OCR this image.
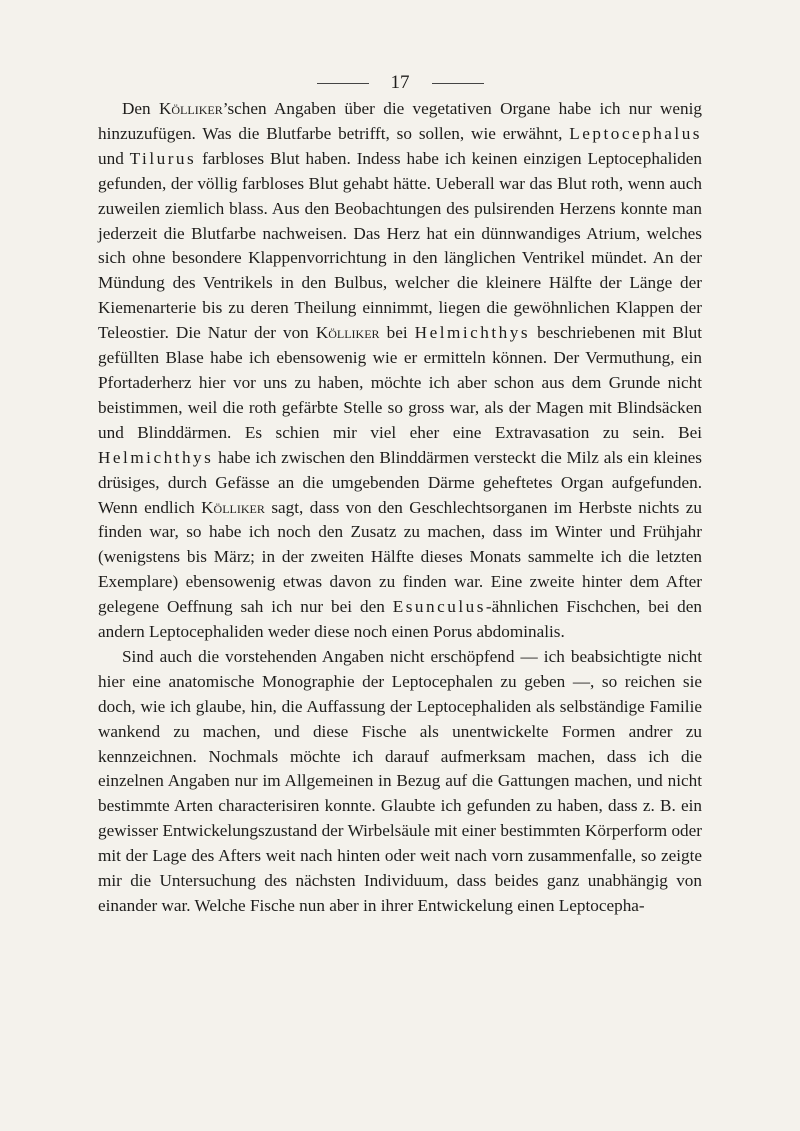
17

Den Kölliker’schen Angaben über die vegetativen Organe habe ich nur wenig hinzuzufügen. Was die Blutfarbe betrifft, so sollen, wie erwähnt, Leptocephalus und Tilurus farbloses Blut haben. Indess habe ich keinen einzigen Leptocephaliden gefunden, der völlig farbloses Blut gehabt hätte. Ueberall war das Blut roth, wenn auch zuweilen ziemlich blass. Aus den Beobachtungen des pulsirenden Herzens konnte man jederzeit die Blutfarbe nachweisen. Das Herz hat ein dünnwandiges Atrium, welches sich ohne besondere Klappenvorrichtung in den länglichen Ventrikel mündet. An der Mündung des Ventrikels in den Bulbus, welcher die kleinere Hälfte der Länge der Kiemenarterie bis zu deren Theilung einnimmt, liegen die gewöhnlichen Klappen der Teleostier. Die Natur der von Kölliker bei Helmichthys beschriebenen mit Blut gefüllten Blase habe ich ebensowenig wie er ermitteln können. Der Vermuthung, ein Pfortaderherz hier vor uns zu haben, möchte ich aber schon aus dem Grunde nicht beistimmen, weil die roth gefärbte Stelle so gross war, als der Magen mit Blindsäcken und Blinddärmen. Es schien mir viel eher eine Extravasation zu sein. Bei Helmichthys habe ich zwischen den Blinddärmen versteckt die Milz als ein kleines drüsiges, durch Gefässe an die umgebenden Därme geheftetes Organ aufgefunden. Wenn endlich Kölliker sagt, dass von den Geschlechtsorganen im Herbste nichts zu finden war, so habe ich noch den Zusatz zu machen, dass im Winter und Frühjahr (wenigstens bis März; in der zweiten Hälfte dieses Monats sammelte ich die letzten Exemplare) ebensowenig etwas davon zu finden war. Eine zweite hinter dem After gelegene Oeffnung sah ich nur bei den Esunculus-ähnlichen Fischchen, bei den andern Leptocephaliden weder diese noch einen Porus abdominalis.

Sind auch die vorstehenden Angaben nicht erschöpfend — ich beabsichtigte nicht hier eine anatomische Monographie der Leptocephalen zu geben —, so reichen sie doch, wie ich glaube, hin, die Auffassung der Leptocephaliden als selbständige Familie wankend zu machen, und diese Fische als unentwickelte Formen andrer zu kennzeichnen. Nochmals möchte ich darauf aufmerksam machen, dass ich die einzelnen Angaben nur im Allgemeinen in Bezug auf die Gattungen machen, und nicht bestimmte Arten characterisiren konnte. Glaubte ich gefunden zu haben, dass z. B. ein gewisser Entwickelungszustand der Wirbelsäule mit einer bestimmten Körperform oder mit der Lage des Afters weit nach hinten oder weit nach vorn zusammenfalle, so zeigte mir die Untersuchung des nächsten Individuum, dass beides ganz unabhängig von einander war. Welche Fische nun aber in ihrer Entwickelung einen Leptocepha-
